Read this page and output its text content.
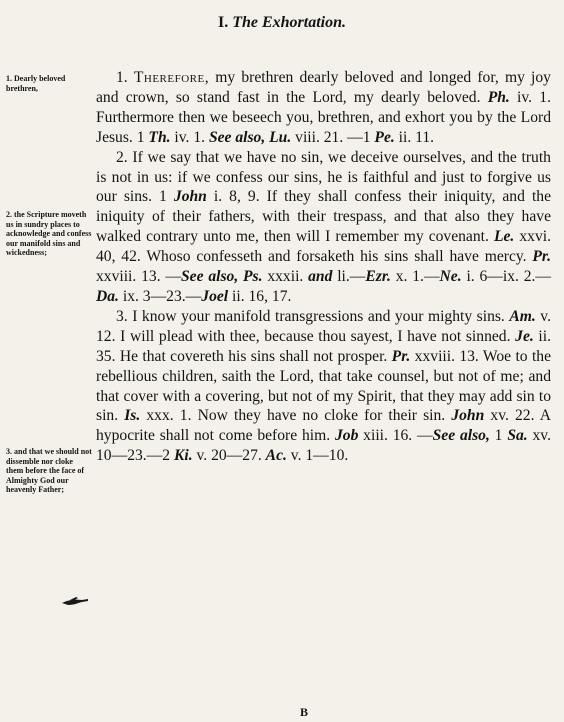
I. The Exhortation.
1. Dearly beloved brethren,
2. the Scripture moveth us in sundry places to acknowledge and confess our manifold sins and wickedness;
3. and that we should not dissemble nor cloke them before the face of Almighty God our heavenly Father;
1. Therefore, my brethren dearly beloved and longed for, my joy and crown, so stand fast in the Lord, my dearly beloved. Ph. iv. 1. Furthermore then we beseech you, brethren, and exhort you by the Lord Jesus. 1 Th. iv. 1. See also, Lu. viii. 21. —1 Pe. ii. 11.
2. If we say that we have no sin, we deceive ourselves, and the truth is not in us: if we confess our sins, he is faithful and just to forgive us our sins. 1 John i. 8, 9. If they shall confess their iniquity, and the iniquity of their fathers, with their trespass, and that also they have walked contrary unto me, then will I remember my covenant. Le. xxvi. 40, 42. Whoso confesseth and forsaketh his sins shall have mercy. Pr. xxviii. 13. —See also, Ps. xxxii. and li.—Ezr. x. 1.—Ne. i. 6—ix. 2.—Da. ix. 3—23.—Joel ii. 16, 17.
3. I know your manifold transgressions and your mighty sins. Am. v. 12. I will plead with thee, because thou sayest, I have not sinned. Je. ii. 35. He that covereth his sins shall not prosper. Pr. xxviii. 13. Woe to the rebellious children, saith the Lord, that take counsel, but not of me; and that cover with a covering, but not of my Spirit, that they may add sin to sin. Is. xxx. 1. Now they have no cloke for their sin. John xv. 22. A hypocrite shall not come before him. Job xiii. 16. —See also, 1 Sa. xv. 10—23.—2 Ki. v. 20—27. Ac. v. 1—10.
B
